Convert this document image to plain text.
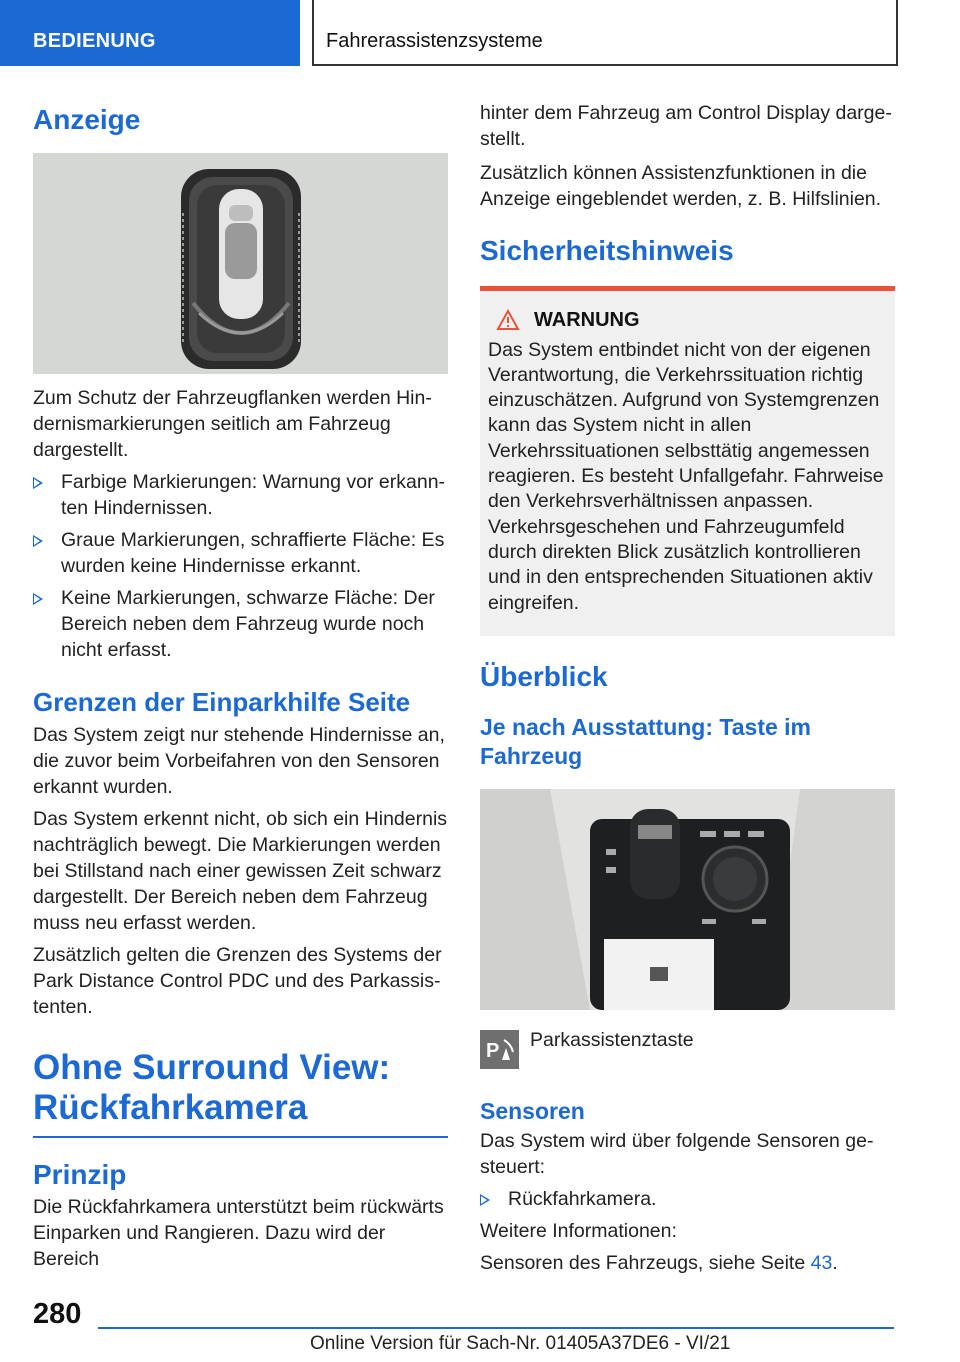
BEDIENUNG	Fahrerassistenzsysteme
Anzeige

Zum Schutz der Fahrzeugflanken werden Hindernismarkierungen seitlich am Fahrzeug dargestellt.

Farbige Markierungen: Warnung vor erkannten Hindernissen.
Graue Markierungen, schraffierte Fläche: Es wurden keine Hindernisse erkannt.
Keine Markierungen, schwarze Fläche: Der Bereich neben dem Fahrzeug wurde noch nicht erfasst.
Grenzen der Einparkhilfe Seite

Das System zeigt nur stehende Hindernisse an, die zuvor beim Vorbeifahren von den Sensoren erkannt wurden.

Das System erkennt nicht, ob sich ein Hindernis nachträglich bewegt. Die Markierungen werden bei Stillstand nach einer gewissen Zeit schwarz dargestellt. Der Bereich neben dem Fahrzeug muss neu erfasst werden.

Zusätzlich gelten die Grenzen des Systems der Park Distance Control PDC und des Parkassistenten.

Ohne Surround View: Rückfahrkamera
Prinzip

Die Rückfahrkamera unterstützt beim rückwärts Einparken und Rangieren. Dazu wird der Bereich

hinter dem Fahrzeug am Control Display dargestellt.

Zusätzlich können Assistenzfunktionen in die Anzeige eingeblendet werden, z. B. Hilfslinien.

Sicherheitshinweis
WARNUNG

Das System entbindet nicht von der eigenen Verantwortung, die Verkehrssituation richtig einzuschätzen. Aufgrund von Systemgrenzen kann das System nicht in allen Verkehrssituationen selbsttätig angemessen reagieren. Es besteht Unfallgefahr. Fahrweise den Verkehrsverhältnissen anpassen. Verkehrsgeschehen und Fahrzeugumfeld durch direkten Blick zusätzlich kontrollieren und in den entsprechenden Situationen aktiv eingreifen.

Überblick
Je nach Ausstattung: Taste im Fahrzeug
P Parkassistenztaste
Sensoren

Das System wird über folgende Sensoren gesteuert:

Rückfahrkamera.

Weitere Informationen:

Sensoren des Fahrzeugs, siehe Seite 43.

280
Online Version für Sach-Nr. 01405A37DE6 - VI/21
